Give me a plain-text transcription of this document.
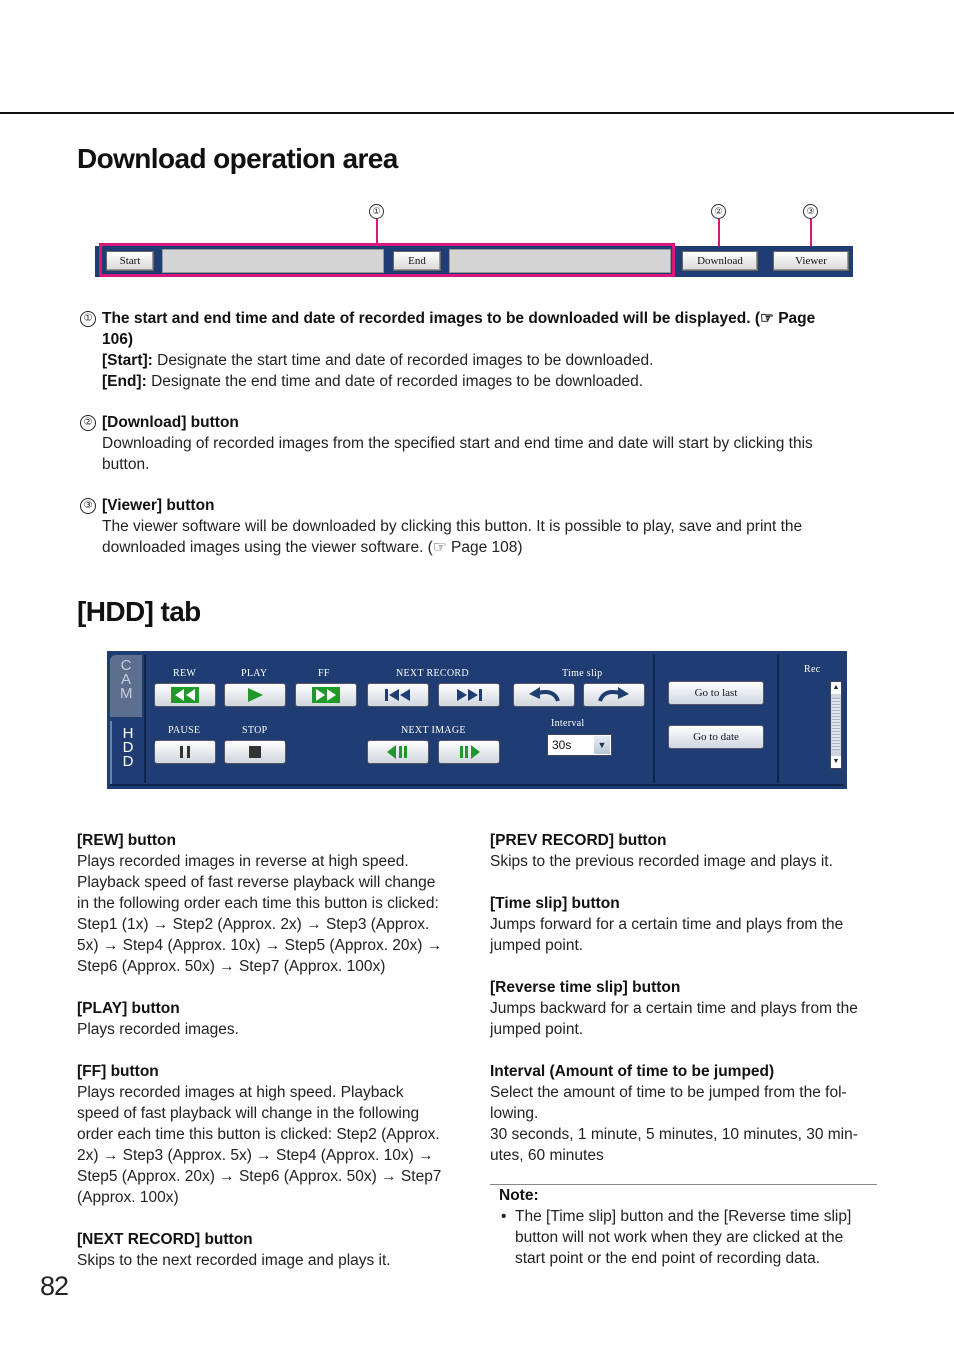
Download operation area
①	②	③
Start	End	Download	Viewer
① The start and end time and date of recorded images to be downloaded will be displayed. (☞ Page
106)
[Start]: Designate the start time and date of recorded images to be downloaded.
[End]: Designate the end time and date of recorded images to be downloaded.
② [Download] button
Downloading of recorded images from the specified start and end time and date will start by clicking this
button.
③ [Viewer] button
The viewer software will be downloaded by clicking this button. It is possible to play, save and print the
downloaded images using the viewer software. (☞ Page 108)
[HDD] tab
CAM
HDD
REW	PLAY	FF	NEXT RECORD	Time slip
PAUSE	STOP	NEXT IMAGE
Interval
Rec
30s	▼
Go to last
Go to date
▲
▼
[REW] button
Plays recorded images in reverse at high speed.
Playback speed of fast reverse playback will change
in the following order each time this button is clicked:
Step1 (1x) → Step2 (Approx. 2x) → Step3 (Approx.
5x) → Step4 (Approx. 10x) → Step5 (Approx. 20x) →
Step6 (Approx. 50x) → Step7 (Approx. 100x)
[PLAY] button
Plays recorded images.
[FF] button
Plays recorded images at high speed. Playback
speed of fast playback will change in the following
order each time this button is clicked: Step2 (Approx.
2x) → Step3 (Approx. 5x) → Step4 (Approx. 10x) →
Step5 (Approx. 20x) → Step6 (Approx. 50x) → Step7
(Approx. 100x)
[NEXT RECORD] button
Skips to the next recorded image and plays it.
[PREV RECORD] button
Skips to the previous recorded image and plays it.
[Time slip] button
Jumps forward for a certain time and plays from the
jumped point.
[Reverse time slip] button
Jumps backward for a certain time and plays from the
jumped point.
Interval (Amount of time to be jumped)
Select the amount of time to be jumped from the fol-
lowing.
30 seconds, 1 minute, 5 minutes, 10 minutes, 30 min-
utes, 60 minutes
Note:
• The [Time slip] button and the [Reverse time slip]
button will not work when they are clicked at the
start point or the end point of recording data.
82
